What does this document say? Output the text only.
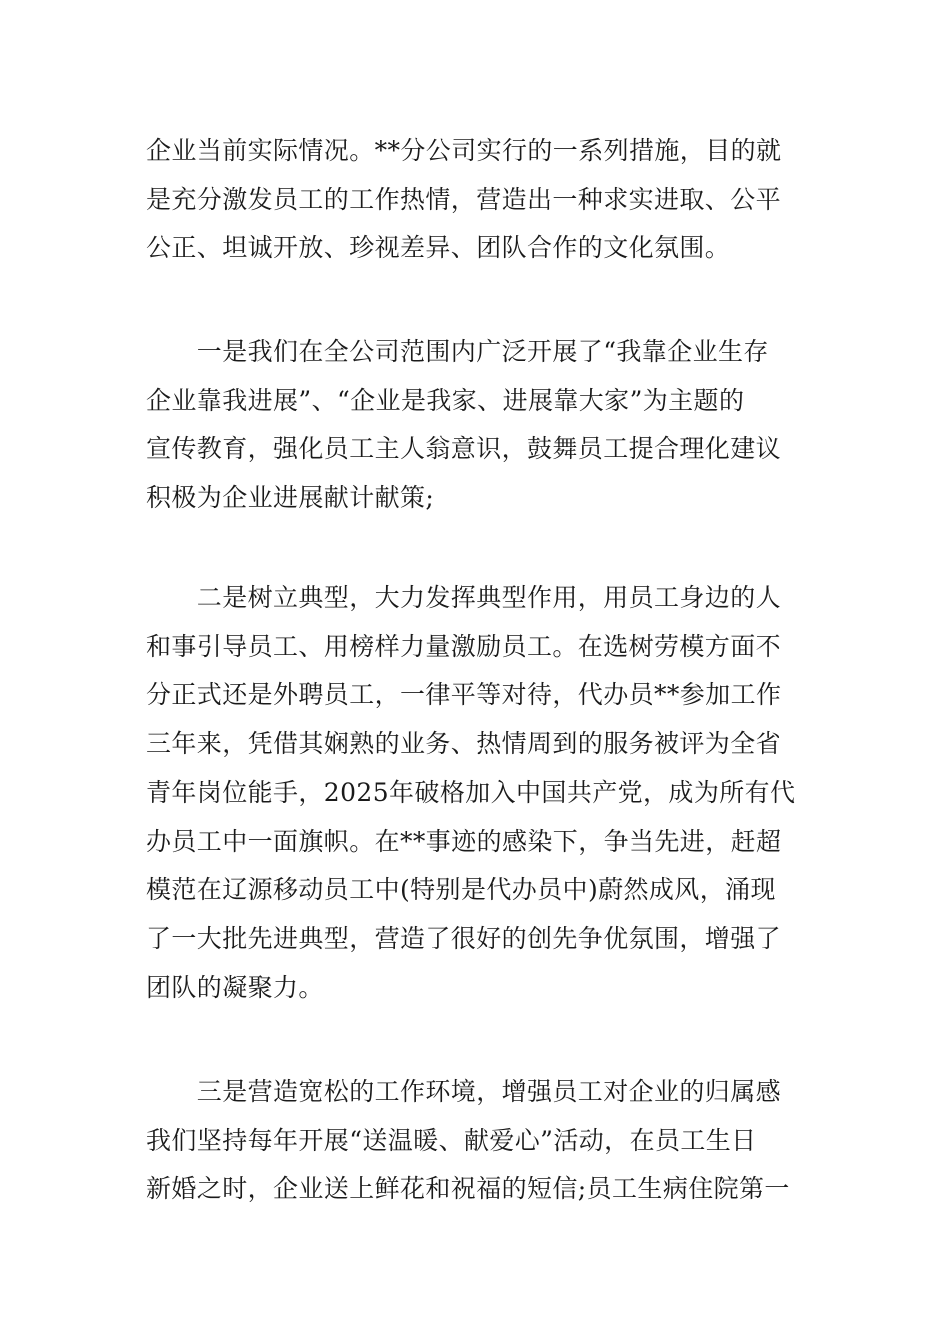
企业当前实际情况。**分公司实行的一系列措施，目的就
是充分激发员工的工作热情，营造出一种求实进取、公平
公正、坦诚开放、珍视差异、团队合作的文化氛围。

　　一是我们在全公司范围内广泛开展了“我靠企业生存
企业靠我进展”、“企业是我家、进展靠大家”为主题的
宣传教育，强化员工主人翁意识，鼓舞员工提合理化建议
积极为企业进展献计献策;

　　二是树立典型，大力发挥典型作用，用员工身边的人
和事引导员工、用榜样力量激励员工。在选树劳模方面不
分正式还是外聘员工，一律平等对待，代办员**参加工作
三年来，凭借其娴熟的业务、热情周到的服务被评为全省
青年岗位能手，2025年破格加入中国共产党，成为所有代
办员工中一面旗帜。在**事迹的感染下，争当先进，赶超
模范在辽源移动员工中(特别是代办员中)蔚然成风，涌现
了一大批先进典型，营造了很好的创先争优氛围，增强了
团队的凝聚力。

　　三是营造宽松的工作环境，增强员工对企业的归属感
我们坚持每年开展“送温暖、献爱心”活动，在员工生日
新婚之时，企业送上鲜花和祝福的短信;员工生病住院第一
